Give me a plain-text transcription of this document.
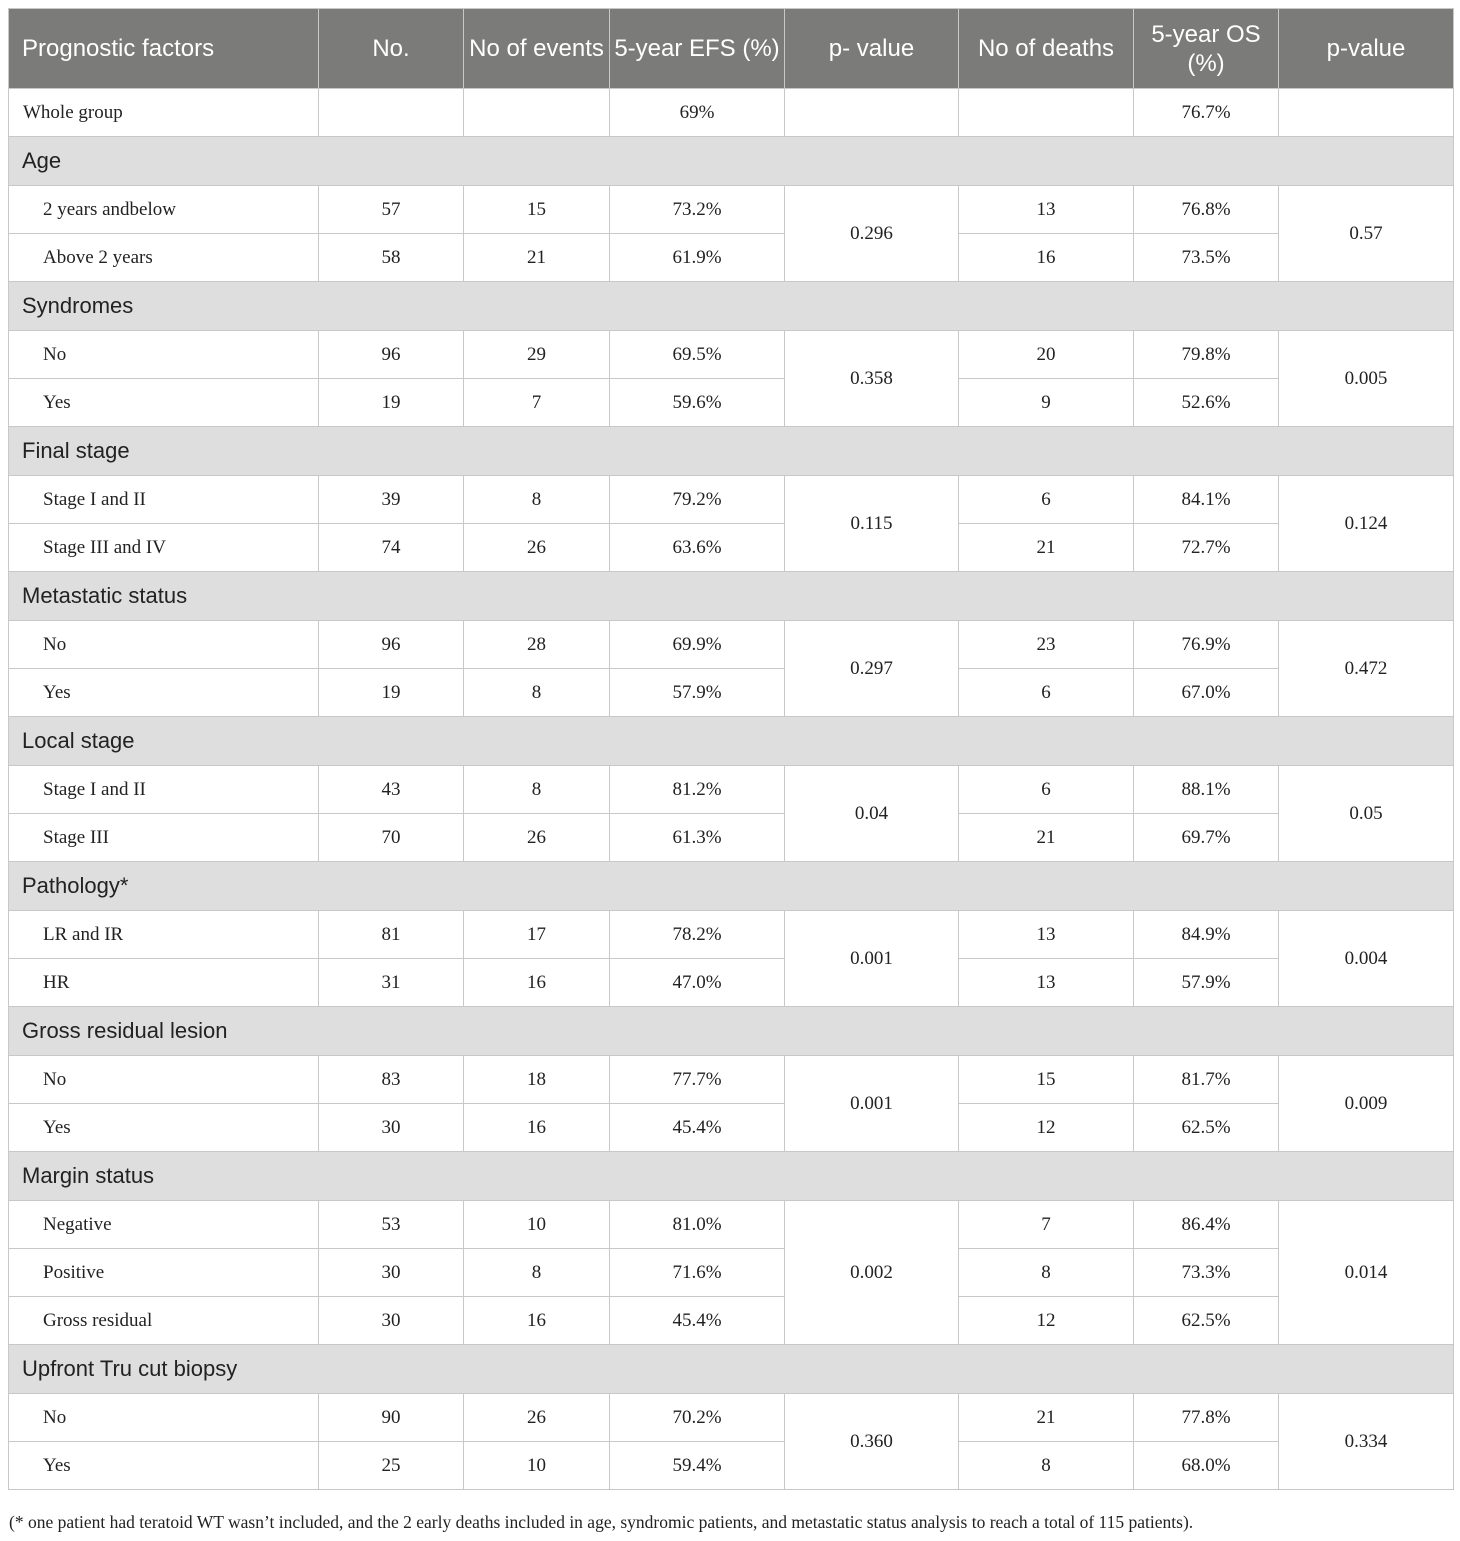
Prognostic factors	No.	No of events	5-year EFS (%)	p- value	No of deaths	5-year OS (%)	p-value
Whole group			69%			76.7%	
Age							
2 years andbelow	57	15	73.2%	0.296	13	76.8%	0.57
Above 2 years	58	21	61.9%		16	73.5%	
Syndromes							
No	96	29	69.5%	0.358	20	79.8%	0.005
Yes	19	7	59.6%		9	52.6%	
Final stage							
Stage I and II	39	8	79.2%	0.115	6	84.1%	0.124
Stage III and IV	74	26	63.6%		21	72.7%	
Metastatic status							
No	96	28	69.9%	0.297	23	76.9%	0.472
Yes	19	8	57.9%		6	67.0%	
Local stage							
Stage I and II	43	8	81.2%	0.04	6	88.1%	0.05
Stage III	70	26	61.3%		21	69.7%	
Pathology*							
LR and IR	81	17	78.2%	0.001	13	84.9%	0.004
HR	31	16	47.0%		13	57.9%	
Gross residual lesion							
No	83	18	77.7%	0.001	15	81.7%	0.009
Yes	30	16	45.4%		12	62.5%	
Margin status							
Negative	53	10	81.0%	0.002	7	86.4%	0.014
Positive	30	8	71.6%		8	73.3%	
Gross residual	30	16	45.4%		12	62.5%	
Upfront Tru cut biopsy							
No	90	26	70.2%	0.360	21	77.8%	0.334
Yes	25	10	59.4%		8	68.0%	
(* one patient had teratoid WT wasn’t included, and the 2 early deaths included in age, syndromic patients, and metastatic status analysis to reach a total of 115 patients).
